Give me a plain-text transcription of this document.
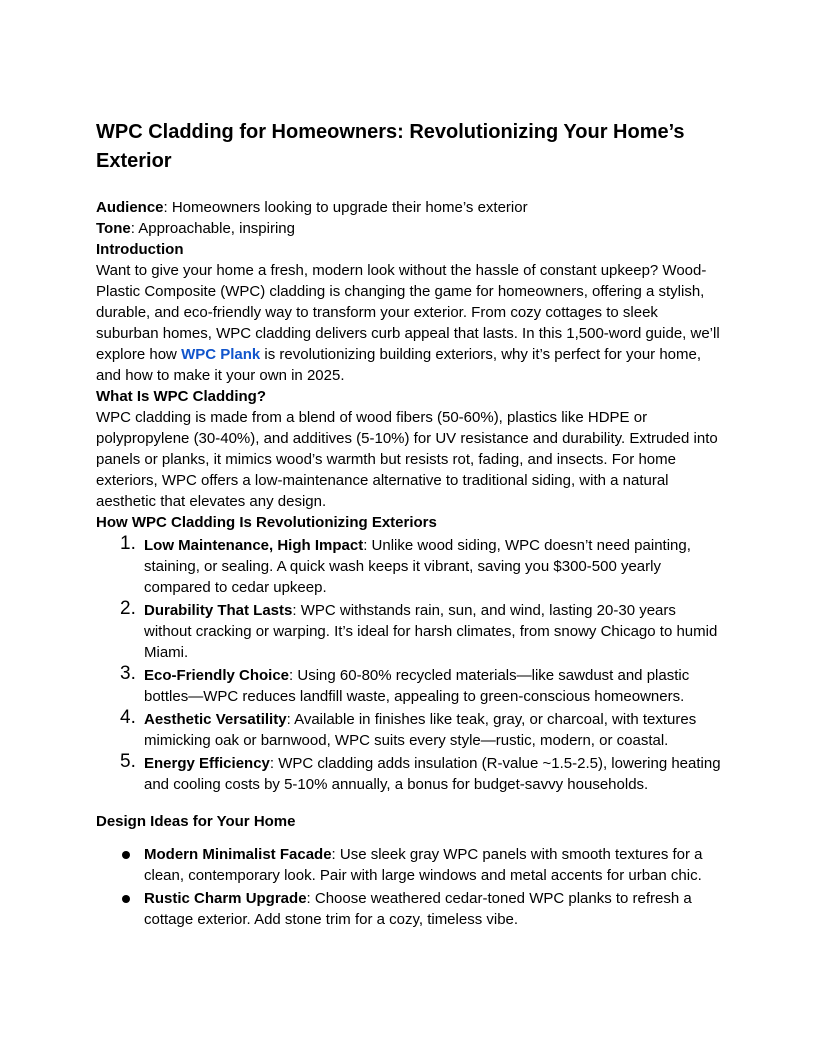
WPC Cladding for Homeowners: Revolutionizing Your Home’s Exterior

Audience: Homeowners looking to upgrade their home’s exterior

Tone: Approachable, inspiring

Introduction

Want to give your home a fresh, modern look without the hassle of constant upkeep? Wood-Plastic Composite (WPC) cladding is changing the game for homeowners, offering a stylish, durable, and eco-friendly way to transform your exterior. From cozy cottages to sleek suburban homes, WPC cladding delivers curb appeal that lasts. In this 1,500-word guide, we’ll explore how WPC Plank is revolutionizing building exteriors, why it’s perfect for your home, and how to make it your own in 2025.

What Is WPC Cladding?

WPC cladding is made from a blend of wood fibers (50-60%), plastics like HDPE or polypropylene (30-40%), and additives (5-10%) for UV resistance and durability. Extruded into panels or planks, it mimics wood’s warmth but resists rot, fading, and insects. For home exteriors, WPC offers a low-maintenance alternative to traditional siding, with a natural aesthetic that elevates any design.

How WPC Cladding Is Revolutionizing Exteriors
1. Low Maintenance, High Impact: Unlike wood siding, WPC doesn’t need painting, staining, or sealing. A quick wash keeps it vibrant, saving you $300-500 yearly compared to cedar upkeep.
2. Durability That Lasts: WPC withstands rain, sun, and wind, lasting 20-30 years without cracking or warping. It’s ideal for harsh climates, from snowy Chicago to humid Miami.
3. Eco-Friendly Choice: Using 60-80% recycled materials—like sawdust and plastic bottles—WPC reduces landfill waste, appealing to green-conscious homeowners.
4. Aesthetic Versatility: Available in finishes like teak, gray, or charcoal, with textures mimicking oak or barnwood, WPC suits every style—rustic, modern, or coastal.
5. Energy Efficiency: WPC cladding adds insulation (R-value ~1.5-2.5), lowering heating and cooling costs by 5-10% annually, a bonus for budget-savvy households.
Design Ideas for Your Home
Modern Minimalist Facade: Use sleek gray WPC panels with smooth textures for a clean, contemporary look. Pair with large windows and metal accents for urban chic.
Rustic Charm Upgrade: Choose weathered cedar-toned WPC planks to refresh a cottage exterior. Add stone trim for a cozy, timeless vibe.
